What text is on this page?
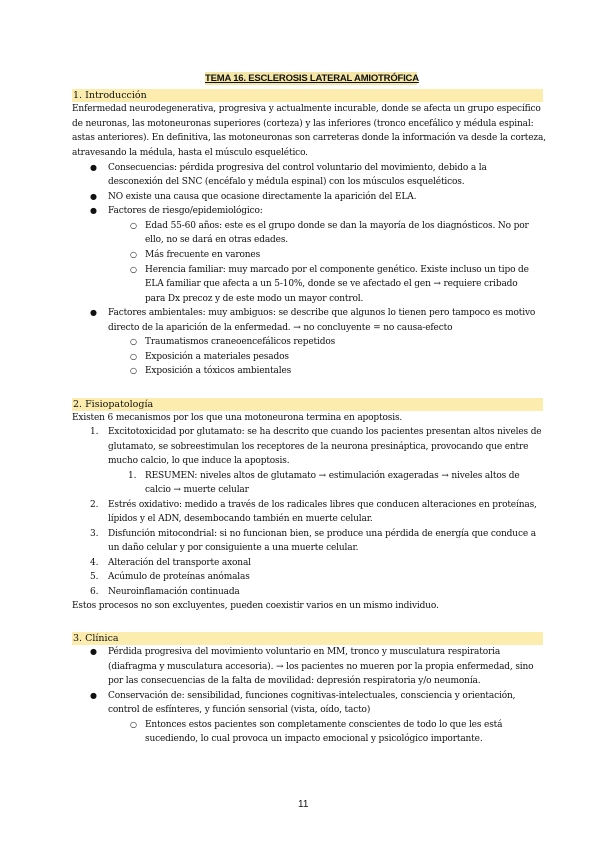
TEMA 16. ESCLEROSIS LATERAL AMIOTRÓFICA
1. Introducción
Enfermedad neurodegenerativa, progresiva y actualmente incurable, donde se afecta un grupo específico
de neuronas, las motoneuronas superiores (corteza) y las inferiores (tronco encefálico y médula espinal:
astas anteriores). En definitiva, las motoneuronas son carreteras donde la información va desde la corteza,
atravesando la médula, hasta el músculo esquelético.
● Consecuencias: pérdida progresiva del control voluntario del movimiento, debido a la
desconexión del SNC (encéfalo y médula espinal) con los músculos esqueléticos.
● NO existe una causa que ocasione directamente la aparición del ELA.
● Factores de riesgo/epidemiológico:
○ Edad 55-60 años: este es el grupo donde se dan la mayoría de los diagnósticos. No por
ello, no se dará en otras edades.
○ Más frecuente en varones
○ Herencia familiar: muy marcado por el componente genético. Existe incluso un tipo de
ELA familiar que afecta a un 5-10%, donde se ve afectado el gen → requiere cribado
para Dx precoz y de este modo un mayor control.
● Factores ambientales: muy ambiguos: se describe que algunos lo tienen pero tampoco es motivo
directo de la aparición de la enfermedad. → no concluyente = no causa-efecto
○ Traumatismos craneoencefálicos repetidos
○ Exposición a materiales pesados
○ Exposición a tóxicos ambientales
2. Fisiopatología
Existen 6 mecanismos por los que una motoneurona termina en apoptosis.
1. Excitotoxicidad por glutamato: se ha descrito que cuando los pacientes presentan altos niveles de
glutamato, se sobreestimulan los receptores de la neurona presináptica, provocando que entre
mucho calcio, lo que induce la apoptosis.
1. RESUMEN: niveles altos de glutamato → estimulación exageradas → niveles altos de
calcio → muerte celular
2. Estrés oxidativo: medido a través de los radicales libres que conducen alteraciones en proteínas,
lípidos y el ADN, desembocando también en muerte celular.
3. Disfunción mitocondrial: si no funcionan bien, se produce una pérdida de energía que conduce a
un daño celular y por consiguiente a una muerte celular.
4. Alteración del transporte axonal
5. Acúmulo de proteínas anómalas
6. Neuroinflamación continuada
Estos procesos no son excluyentes, pueden coexistir varios en un mismo individuo.
3. Clínica
● Pérdida progresiva del movimiento voluntario en MM, tronco y musculatura respiratoria
(diafragma y musculatura accesoria). → los pacientes no mueren por la propia enfermedad, sino
por las consecuencias de la falta de movilidad: depresión respiratoria y/o neumonía.
● Conservación de: sensibilidad, funciones cognitivas-intelectuales, consciencia y orientación,
control de esfínteres, y función sensorial (vista, oído, tacto)
○ Entonces estos pacientes son completamente conscientes de todo lo que les está
sucediendo, lo cual provoca un impacto emocional y psicológico importante.
11
